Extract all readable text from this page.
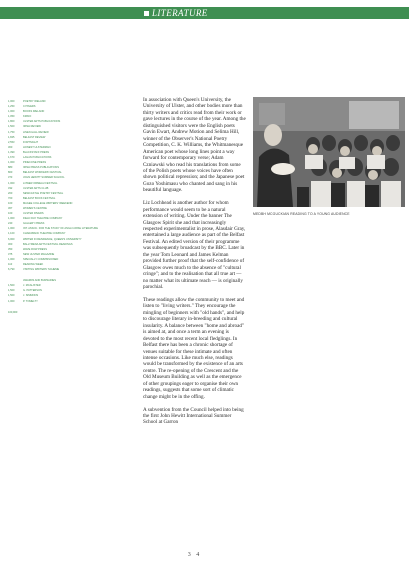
LITERATURE
1,000	POETRY IRELAND
1,250	CYPHERS
1,000	BOOKS IRELAND
1,050	KRINO
1,800	ULSTER ARTS PUBLICATIONS
1,500	IRISH REVIEW
1,750	LINEN HALL REVIEW
1,825	BELFAST REVIEW
2,553	FORTNIGHT
300	HONEST ULSTERMAN
1,390	BLACKSTAFF PRESS
1,670	LAGAN PUBLICATIONS
1,000	PINECONE PRESS
880	IRISH PRESS PUBLICATIONS
800	BELFAST WORKERS' FESTIVAL
373	JOHN HEWITT SUMMER SCHOOL
1,000	LOWER ORMEAU FESTIVAL
332	ULSTER ARTS CLUB
200	NEWCASTLE POETRY FESTIVAL
700	BELFAST BOOK FESTIVAL
100	MAGEE COLLEGE WRITERS' WEEKEND
367	WOMEN'S CENTRE
100	ULSTER RIVERS
1,000	FIELD DAY THEATRE COMPANY
240	GALLERY PRESS
1,000	INT. ASSOC. FOR THE STUDY OF ANGLO-IRISH LITERATURE
1,100	CHARABANC THEATRE COMPANY
6,000	WRITER IN RESIDENCE, QUEEN'S UNIVERSITY
300	BALLYMENA ARTS FESTIVAL READINGS
350	WAVE ROW PRESS
375	NEW ULSTER MAGAZINE
1,000	SPECIALLY COMMISSIONED
110	READING WEEK
6,790	VISITING WRITERS' SCHEME
AWARDS AND BURSARIES
1,500	J. MCALISTER
1,500	G. PATTERSON
1,500	J. SIMMONS
1,000	P. TOMELTY
100,900

In association with Queen's University, the University of Ulster, and other bodies more than thirty writers and critics read from their work or gave lectures in the course of the year. Among the distinguished visitors were the English poets Gavin Ewart, Andrew Motion and Selima Hill, winner of the Observer's National Poetry Competition, C. K. Williams, the Whitmanesque American poet whose long lines point a way forward for contemporary verse; Adam Czniawski who read his translations from some of the Polish poets whose voices have often shown political repression; and the Japanese poet Gozo Yoshimasu who chanted and sang in his beautiful language.

Liz Lochhead is another author for whom performance would seem to be a natural extension of writing. Under the banner The Glasgow Spirit she and that increasingly respected experimentalist in prose, Alasdair Gray, entertained a large audience as part of the Belfast Festival. An edited version of their programme was subsequently broadcast by the BBC. Later in the year Tom Leonard and James Kelman provided further proof that the self-confidence of Glasgow owes much to the absence of "cultural cringe"; and to the realisation that all true art — no matter what its ultimate reach — is originally parochial.

These readings allow the community to meet and listen to "living writers." They encourage the mingling of beginners with "old hands", and help to discourage literary in-breeding and cultural insularity. A balance between "home and abroad" is aimed at, and once a term an evening is devoted to the most recent local fledglings. In Belfast there has been a chronic shortage of venues suitable for these intimate and often intense occasions. Like much else, readings would be transformed by the existence of an arts centre. The re-opening of the Crescent and the Old Museum Building as well as the emergence of other groupings eager to organise their own readings, suggests that some sort of climatic change might be in the offing.

A subvention from the Council helped into being the first John Hewitt International Summer School at Garron

MEDBH MCGUCKIAN READING TO A YOUNG AUDIENCE
3 4
